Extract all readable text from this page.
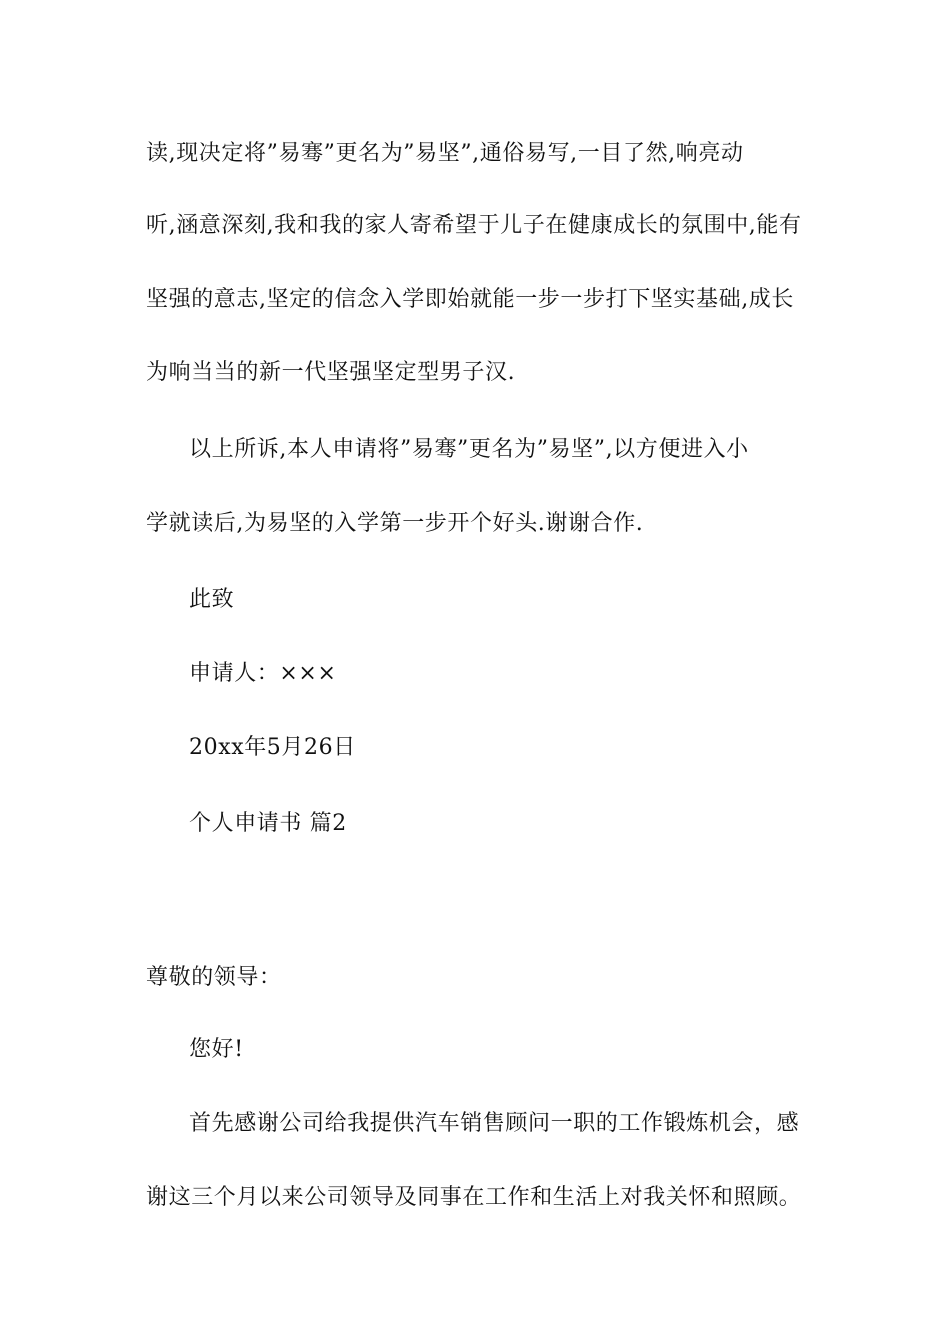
读,现决定将”易骞”更名为”易坚”,通俗易写,一目了然,响亮动
听,涵意深刻,我和我的家人寄希望于儿子在健康成长的氛围中,能有
坚强的意志,坚定的信念入学即始就能一步一步打下坚实基础,成长
为响当当的新一代坚强坚定型男子汉.
以上所诉,本人申请将”易骞”更名为”易坚”,以方便进入小
学就读后,为易坚的入学第一步开个好头.谢谢合作.
此致
申请人：×××
20xx年5月26日
个人申请书 篇2
尊敬的领导：
您好!
首先感谢公司给我提供汽车销售顾问一职的工作锻炼机会，感
谢这三个月以来公司领导及同事在工作和生活上对我关怀和照顾。
